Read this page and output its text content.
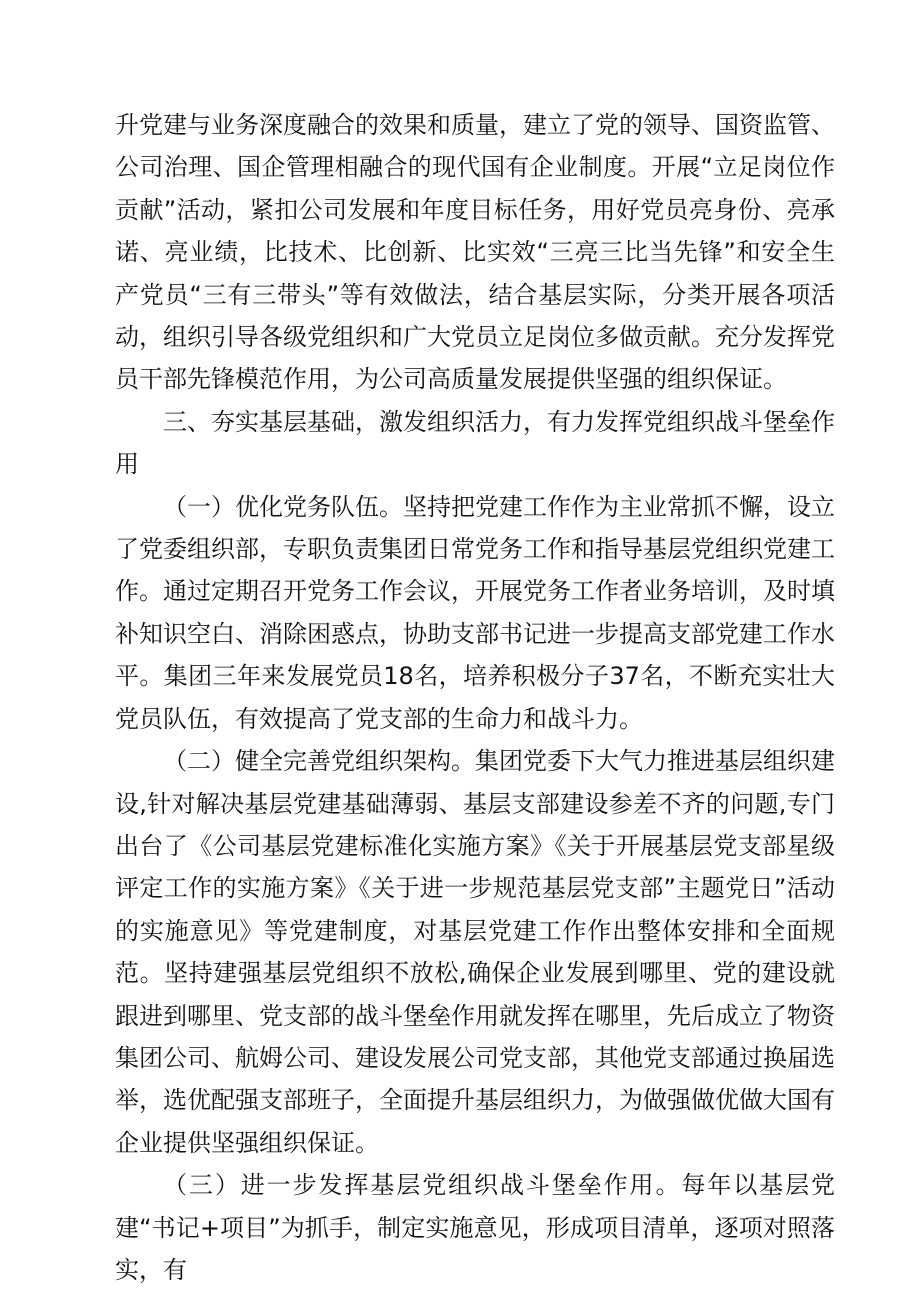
升党建与业务深度融合的效果和质量，建立了党的领导、国资监管、公司治理、国企管理相融合的现代国有企业制度。开展“立足岗位作贡献”活动，紧扣公司发展和年度目标任务，用好党员亮身份、亮承诺、亮业绩，比技术、比创新、比实效“三亮三比当先锋”和安全生产党员“三有三带头”等有效做法，结合基层实际，分类开展各项活动，组织引导各级党组织和广大党员立足岗位多做贡献。充分发挥党员干部先锋模范作用，为公司高质量发展提供坚强的组织保证。

三、夯实基层基础，激发组织活力，有力发挥党组织战斗堡垒作用

（一）优化党务队伍。坚持把党建工作作为主业常抓不懈，设立了党委组织部，专职负责集团日常党务工作和指导基层党组织党建工作。通过定期召开党务工作会议，开展党务工作者业务培训，及时填补知识空白、消除困惑点，协助支部书记进一步提高支部党建工作水平。集团三年来发展党员18名，培养积极分子37名，不断充实壮大党员队伍，有效提高了党支部的生命力和战斗力。

（二）健全完善党组织架构。集团党委下大气力推进基层组织建设,针对解决基层党建基础薄弱、基层支部建设参差不齐的问题,专门出台了《公司基层党建标准化实施方案》《关于开展基层党支部星级评定工作的实施方案》《关于进一步规范基层党支部”主题党日”活动的实施意见》等党建制度，对基层党建工作作出整体安排和全面规范。坚持建强基层党组织不放松,确保企业发展到哪里、党的建设就跟进到哪里、党支部的战斗堡垒作用就发挥在哪里，先后成立了物资集团公司、航姆公司、建设发展公司党支部，其他党支部通过换届选举，选优配强支部班子，全面提升基层组织力，为做强做优做大国有企业提供坚强组织保证。

（三）进一步发挥基层党组织战斗堡垒作用。每年以基层党建“书记+项目”为抓手，制定实施意见，形成项目清单，逐项对照落实，有
